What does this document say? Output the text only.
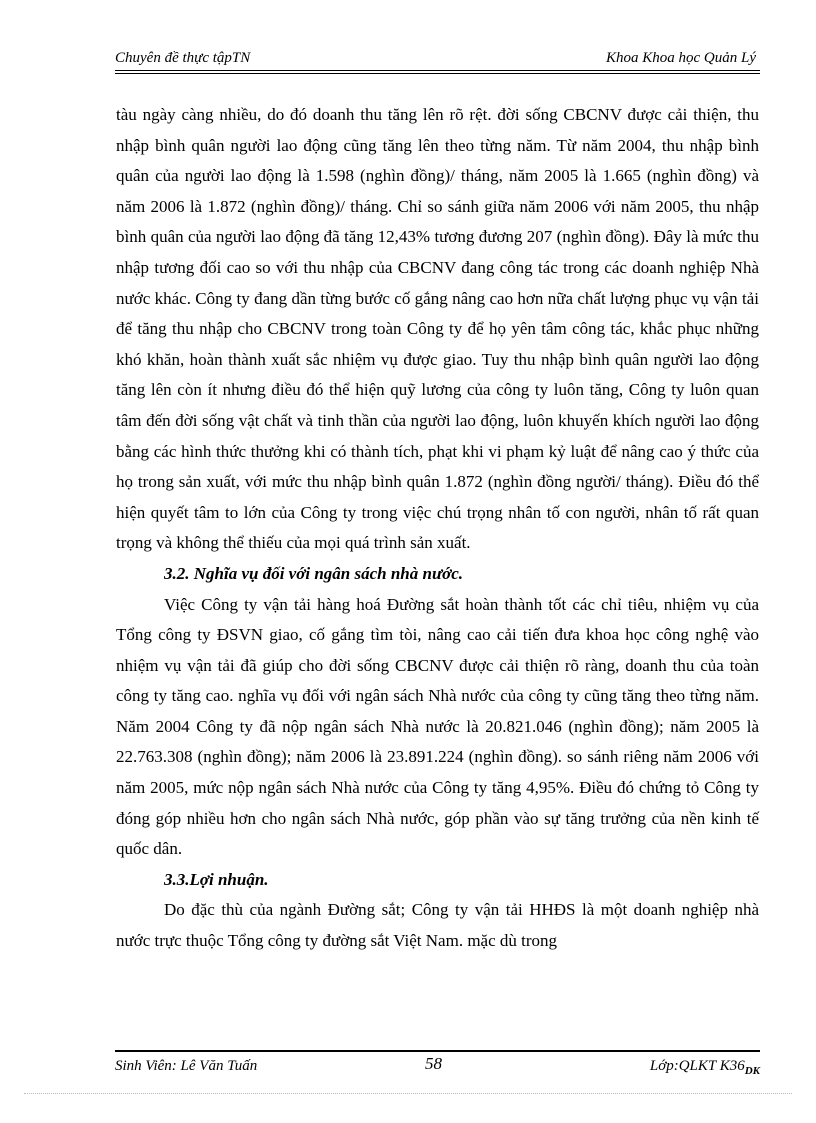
Chuyên đề thực tậpTN	Khoa Khoa học Quản Lý

tàu ngày càng nhiều, do đó doanh thu tăng lên rõ rệt. đời sống CBCNV được cải thiện, thu nhập bình quân người lao động cũng tăng lên theo từng năm. Từ năm 2004, thu nhập bình quân của người lao động là 1.598 (nghìn đồng)/ tháng, năm 2005 là 1.665 (nghìn đồng) và năm 2006 là 1.872 (nghìn đồng)/ tháng. Chỉ so sánh giữa năm 2006 với năm 2005, thu nhập bình quân của người lao động đã tăng 12,43% tương đương 207 (nghìn đồng). Đây là mức thu nhập tương đối cao so với thu nhập của CBCNV đang công tác trong các doanh nghiệp Nhà nước khác. Công ty đang dần từng bước cố gắng nâng cao hơn nữa chất lượng phục vụ vận tải để tăng thu nhập cho CBCNV trong toàn Công ty để họ yên tâm công tác, khắc phục những khó khăn, hoàn thành xuất sắc nhiệm vụ được giao. Tuy thu nhập bình quân người lao động tăng lên còn ít nhưng điều đó thể hiện quỹ lương của công ty luôn tăng, Công ty luôn quan tâm đến đời sống vật chất và tinh thần của người lao động, luôn khuyến khích người lao động bằng các hình thức thưởng khi có thành tích, phạt khi vi phạm kỷ luật để nâng cao ý thức của họ trong sản xuất, với mức thu nhập bình quân 1.872 (nghìn đồng người/ tháng). Điều đó thể hiện quyết tâm to lớn của Công ty trong việc chú trọng nhân tố con người, nhân tố rất quan trọng và không thể thiếu của mọi quá trình sản xuất.

3.2. Nghĩa vụ đối với ngân sách nhà nước.

Việc Công ty vận tải hàng hoá Đường sắt hoàn thành tốt các chỉ tiêu, nhiệm vụ của Tổng công ty ĐSVN giao, cố gắng tìm tòi, nâng cao cải tiến đưa khoa học công nghệ vào nhiệm vụ vận tải đã giúp cho đời sống CBCNV được cải thiện rõ ràng, doanh thu của toàn công ty tăng cao. nghĩa vụ đối với ngân sách Nhà nước của công ty cũng tăng theo từng năm. Năm 2004 Công ty đã nộp ngân sách Nhà nước là 20.821.046 (nghìn đồng); năm 2005 là 22.763.308 (nghìn đồng); năm 2006 là 23.891.224 (nghìn đồng). so sánh riêng năm 2006 với năm 2005, mức nộp ngân sách Nhà nước của Công ty tăng 4,95%. Điều đó chứng tỏ Công ty đóng góp nhiều hơn cho ngân sách Nhà nước, góp phần vào sự tăng trưởng của nền kinh tế quốc dân.

3.3.Lợi nhuận.

Do đặc thù của ngành Đường sắt; Công ty vận tải HHĐS là một doanh nghiệp nhà nước trực thuộc Tổng công ty đường sắt Việt Nam. mặc dù trong

Sinh Viên: Lê Văn Tuấn	58	Lớp:QLKT $K36_{DK}$
